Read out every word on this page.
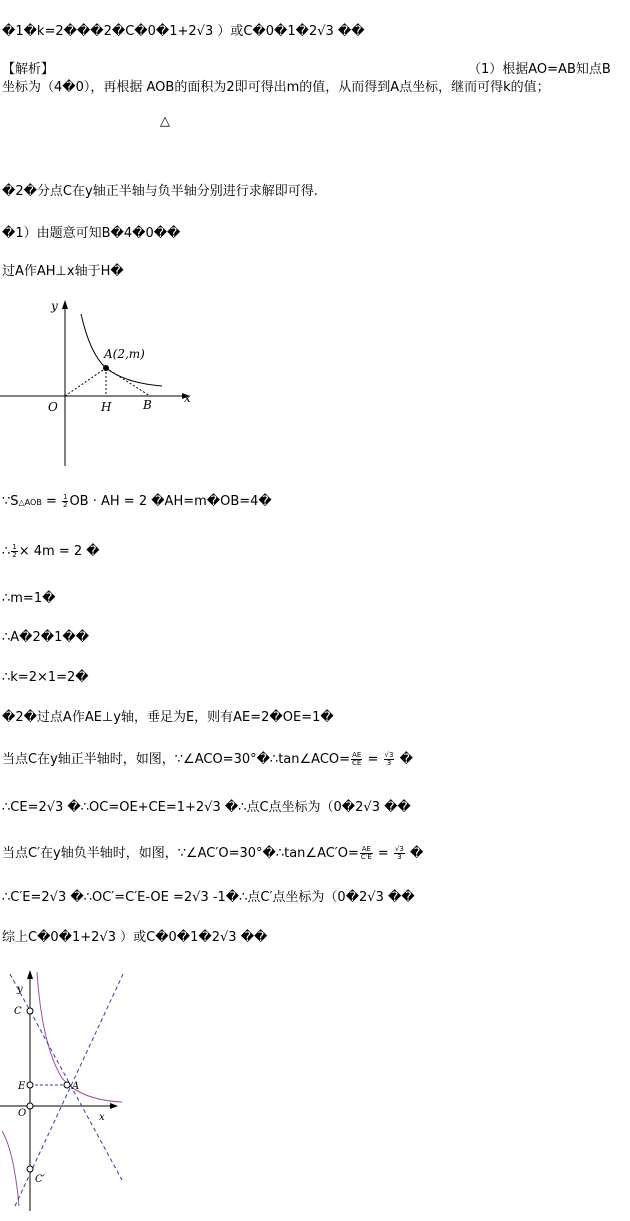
�1�k=2���2�C�0�1+2√3 ）或C�0�1�2√3 ��
【解析】	（1）根据AO=AB知点B
坐标为（4�0），再根据 AOB的面积为2即可得出m的值，从而得到A点坐标，继而可得k的值；
△
�2�分点C在y轴正半轴与负半轴分别进行求解即可得.
�1）由题意可知B�4�0��
过A作AH⊥x轴于H�
y
x
A(2,m)
O	H	B
∵S△AOB = $\frac{1}{2}$ OB · AH = 2 �AH=m�OB=4�
∴ $\frac{1}{2} \times 4m = 2$ �
∴m=1�
∴A�2�1��
∴k=2×1=2�
�2�过点A作AE⊥y轴，垂足为E，则有AE=2�OE=1�
当点C在y轴正半轴时，如图，∵∠ACO=30°�∴tan∠ACO= $\frac{AE}{CE} = \frac{√3}{3}$ �
∴CE=2√3 �∴OC=OE+CE=1+2√3 �∴点C点坐标为（0�2√3 ��
当点C′在y轴负半轴时，如图，∵∠AC′O=30°�∴tan∠AC′O= $\frac{AE}{C'E} = \frac{√3}{3}$ �
∴C′E=2√3 �∴OC′=C′E-OE =2√3 -1�∴点C′点坐标为（0�2√3 ��
综上C�0�1+2√3 ）或C�0�1�2√3 ��
y
C
E	A
O	x
C′
